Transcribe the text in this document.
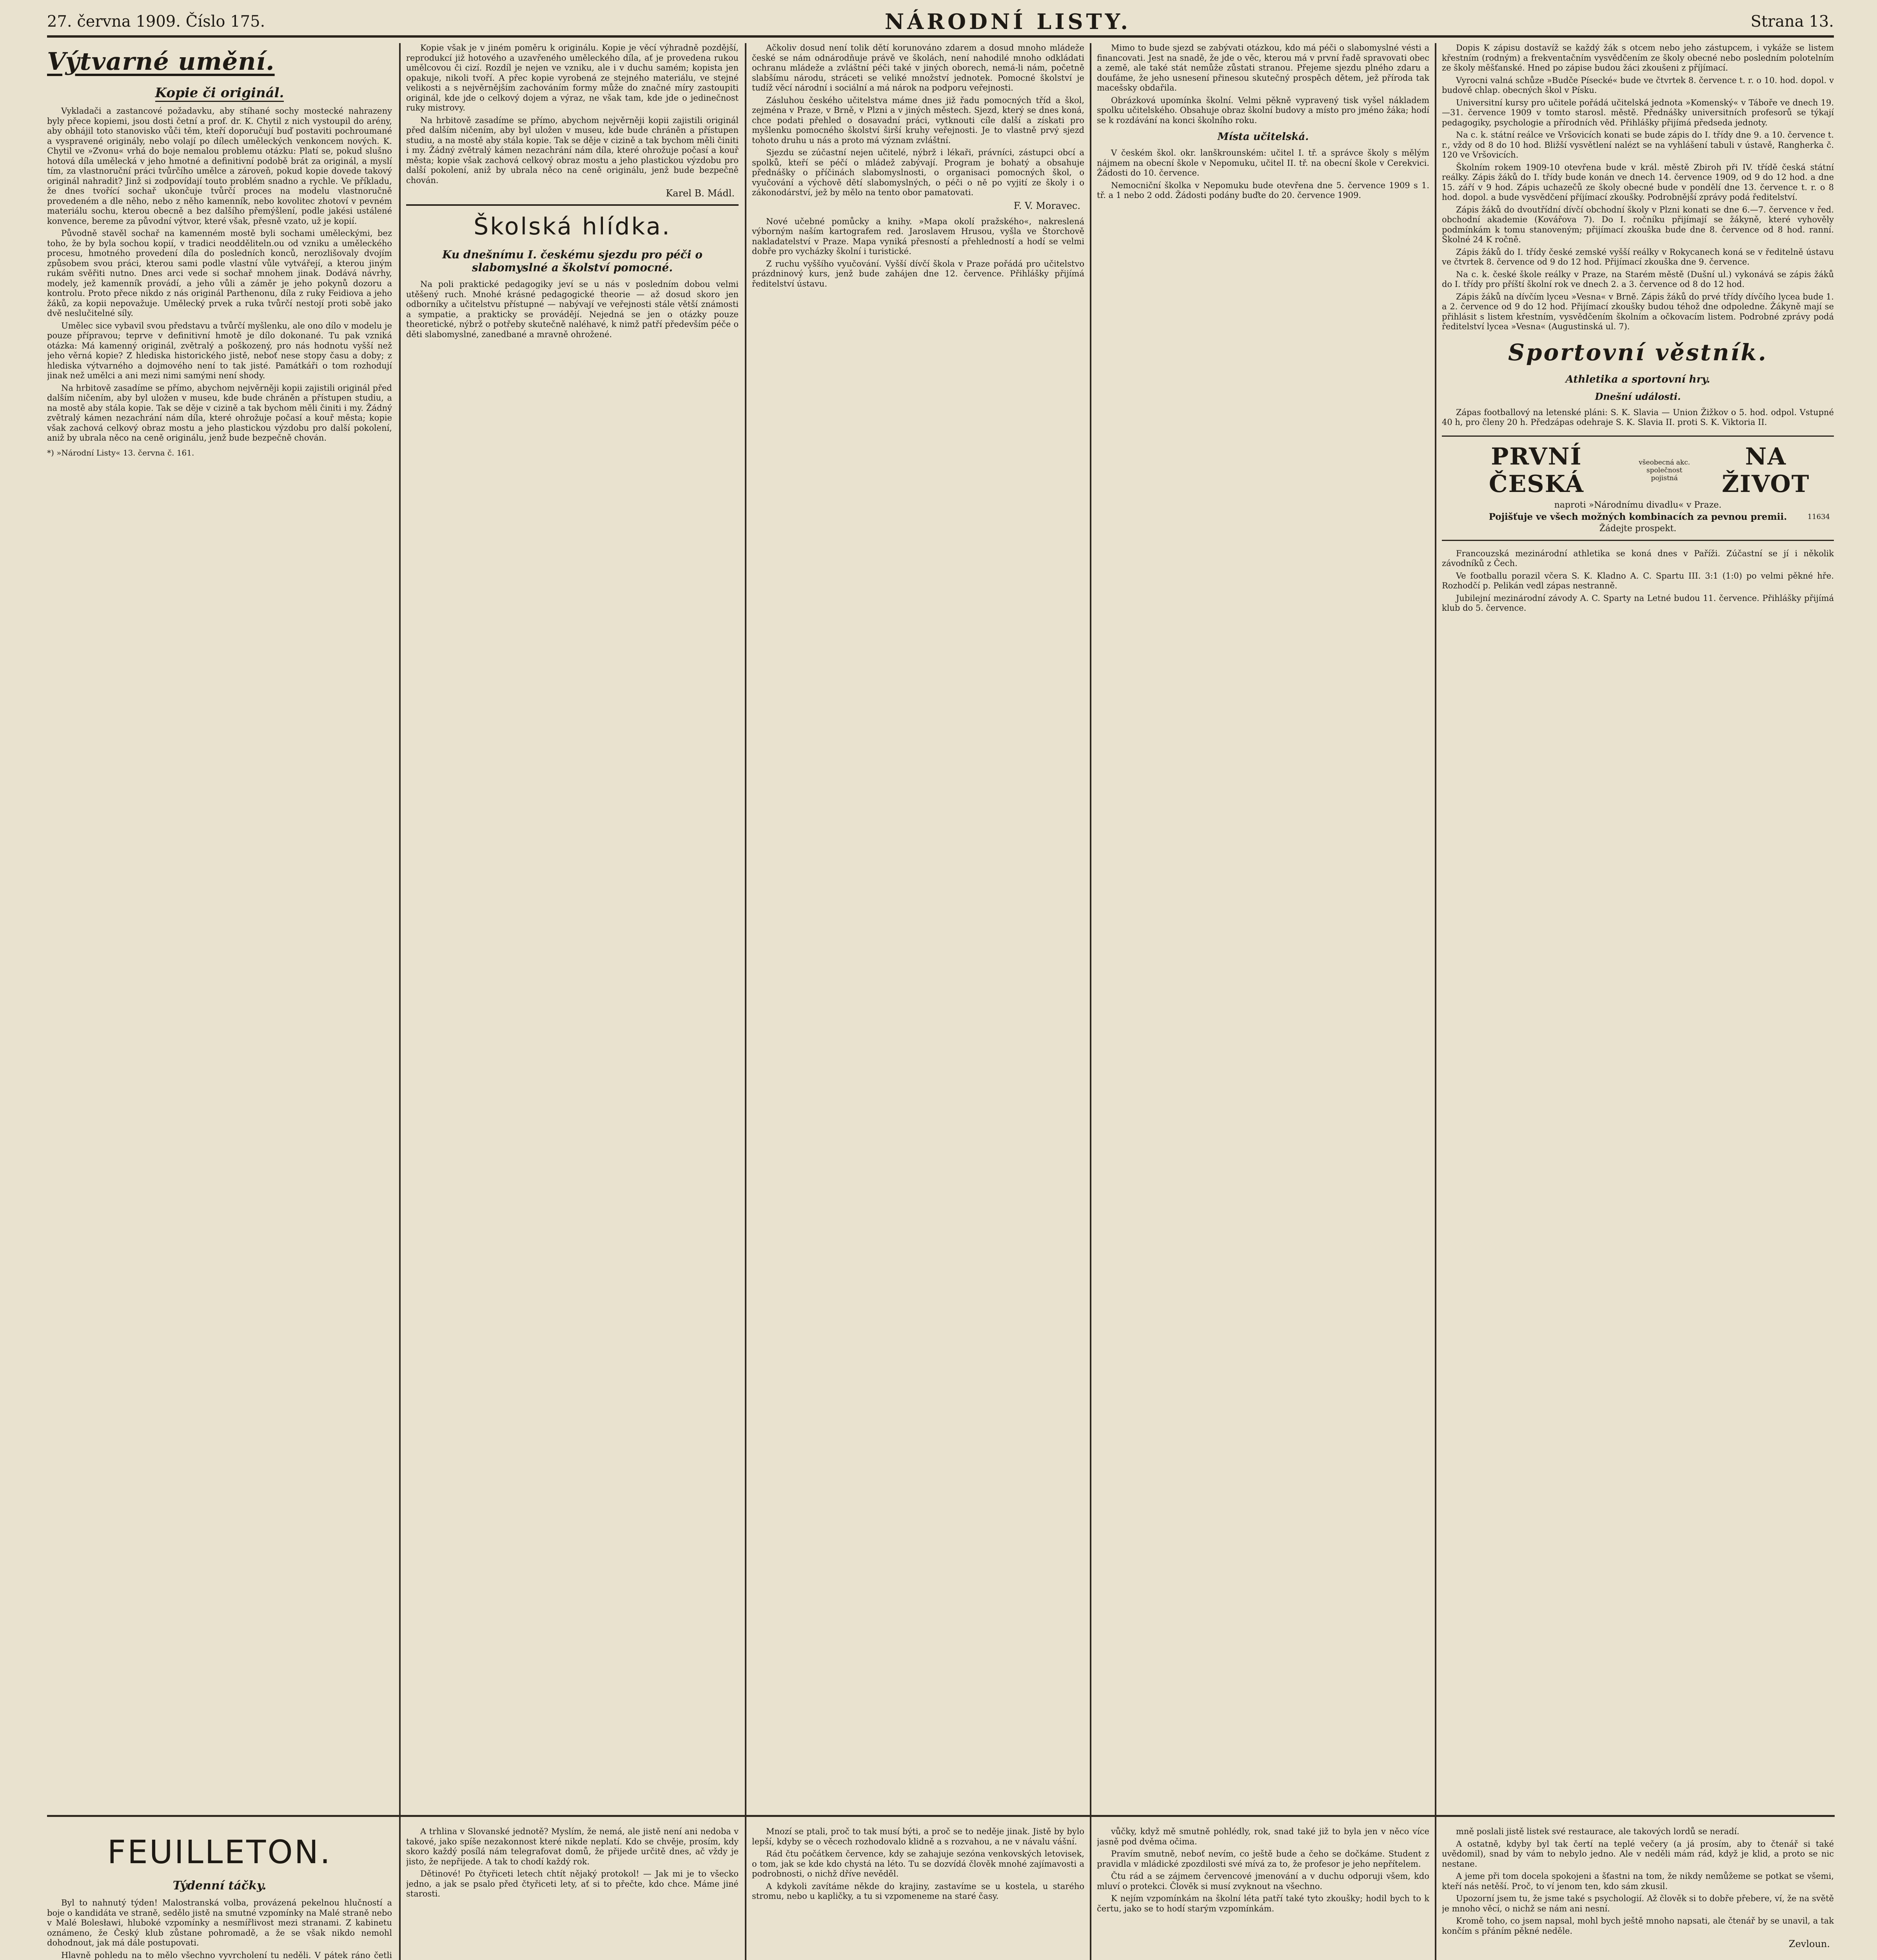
27. června 1909. Číslo 175.	NÁRODNÍ LISTY.	Strana 13.
Výtvarné umění.
Kopie či originál.

Vykladači a zastancové požadavku, aby stíhané sochy mostecké nahrazeny byly přece kopiemi, jsou dosti četní a prof. dr. K. Chytil z nich vystoupil do arény, aby obhájil toto stanovisko vůči těm, kteří doporučují buď postaviti pochroumané a vyspravené originály, nebo volají po dílech uměleckých venkoncem nových. K. Chytil ve »Zvonu« vrhá do boje nemalou problemu otázku: Platí se, pokud slušno hotová díla umělecká v jeho hmotné a definitivní podobě brát za originál, a myslí tím, za vlastnoruční práci tvůrčího umělce a zároveň, pokud kopie dovede takový originál nahradit? Jinž si zodpovídají touto problém snadno a rychle. Ve příkladu, že dnes tvořící sochař ukončuje tvůrčí proces na modelu vlastnoručně provedeném a dle něho, nebo z něho kamenník, nebo kovolitec zhotoví v pevném materiálu sochu, kterou obecně a bez dalšího přemýšlení, podle jakési ustálené konvence, bereme za původní výtvor, které však, přesně vzato, už je kopií.

Původně stavěl sochař na kamenném mostě byli sochami uměleckými, bez toho, že by byla sochou kopií, v tradici neodděliteln.ou od vzniku a uměleckého procesu, hmotného provedení díla do posledních konců, nerozlišovaly dvojím způsobem svou práci, kterou sami podle vlastní vůle vytvářejí, a kterou jiným rukám svěřiti nutno. Dnes arci vede si sochař mnohem jinak. Dodává návrhy, modely, jež kamenník provádí, a jeho vůli a záměr je jeho pokynů dozoru a kontrolu. Proto přece nikdo z nás originál Parthenonu, díla z ruky Feidiova a jeho žáků, za kopii nepovažuje. Umělecký prvek a ruka tvůrčí nestojí proti sobě jako dvě neslučitelné síly.

Umělec sice vybavil svou představu a tvůrčí myšlenku, ale ono dílo v modelu je pouze přípravou; teprve v definitivní hmotě je dílo dokonané. Tu pak vzniká otázka: Má kamenný originál, zvětralý a poškozený, pro nás hodnotu vyšší než jeho věrná kopie? Z hlediska historického jistě, neboť nese stopy času a doby; z hlediska výtvarného a dojmového není to tak jisté. Památkáři o tom rozhodují jinak než umělci a ani mezi nimi samými není shody.

Na hrbitově zasadíme se přímo, abychom nejvěrněji kopii zajistili originál před dalším ničením, aby byl uložen v museu, kde bude chráněn a přístupen studiu, a na mostě aby stála kopie. Tak se děje v cizině a tak bychom měli činiti i my. Žádný zvětralý kámen nezachrání nám díla, které ohrožuje počasí a kouř města; kopie však zachová celkový obraz mostu a jeho plastickou výzdobu pro další pokolení, aniž by ubrala něco na ceně originálu, jenž bude bezpečně chován.

*) »Národní Listy« 13. června č. 161.

Kopie však je v jiném poměru k originálu. Kopie je věcí výhradně pozdější, reprodukcí již hotového a uzavřeného uměleckého díla, ať je provedena rukou umělcovou či cizí. Rozdíl je nejen ve vzniku, ale i v duchu samém; kopista jen opakuje, nikoli tvoří. A přec kopie vyrobená ze stejného materiálu, ve stejné velikosti a s nejvěrnějším zachováním formy může do značné míry zastoupiti originál, kde jde o celkový dojem a výraz, ne však tam, kde jde o jedinečnost ruky mistrovy.

Na hrbitově zasadíme se přímo, abychom nejvěrněji kopii zajistili originál před dalším ničením, aby byl uložen v museu, kde bude chráněn a přístupen studiu, a na mostě aby stála kopie. Tak se děje v cizině a tak bychom měli činiti i my. Žádný zvětralý kámen nezachrání nám díla, které ohrožuje počasí a kouř města; kopie však zachová celkový obraz mostu a jeho plastickou výzdobu pro další pokolení, aniž by ubrala něco na ceně originálu, jenž bude bezpečně chován.

Karel B. Mádl.
Školská hlídka.
Ku dnešnímu I. českému sjezdu pro péči o slabomyslné a školství pomocné.

Na poli praktické pedagogiky jeví se u nás v posledním dobou velmi utěšený ruch. Mnohé krásné pedagogické theorie — až dosud skoro jen odborníky a učitelstvu přístupné — nabývají ve veřejnosti stále větší známosti a sympatie, a prakticky se provádějí. Nejedná se jen o otázky pouze theoretické, nýbrž o potřeby skutečně naléhavé, k nimž patří především péče o děti slabomyslné, zanedbané a mravně ohrožené.

Ačkoliv dosud není tolik dětí korunováno zdarem a dosud mnoho mládeže české se nám odnárodňuje právě ve školách, není nahodilé mnoho odkládati ochranu mládeže a zvláštní péči také v jiných oborech, nemá-li nám, početně slabšímu národu, stráceti se veliké množství jednotek. Pomocné školství je tudíž věcí národní i sociální a má nárok na podporu veřejnosti.

Zásluhou českého učitelstva máme dnes již řadu pomocných tříd a škol, zejména v Praze, v Brně, v Plzni a v jiných městech. Sjezd, který se dnes koná, chce podati přehled o dosavadní práci, vytknouti cíle další a získati pro myšlenku pomocného školství širší kruhy veřejnosti. Je to vlastně prvý sjezd tohoto druhu u nás a proto má význam zvláštní.

Sjezdu se zúčastní nejen učitelé, nýbrž i lékaři, právníci, zástupci obcí a spolků, kteří se péčí o mládež zabývají. Program je bohatý a obsahuje přednášky o příčinách slabomyslnosti, o organisaci pomocných škol, o vyučování a výchově dětí slabomyslných, o péči o ně po vyjití ze školy i o zákonodárství, jež by mělo na tento obor pamatovati.

F. V. Moravec.

Nové učebné pomůcky a knihy. »Mapa okolí pražského«, nakreslená výborným naším kartografem red. Jaroslavem Hrusou, vyšla ve Štorchově nakladatelství v Praze. Mapa vyniká přesností a přehledností a hodí se velmi dobře pro vycházky školní i turistické.

Z ruchu vyššího vyučování. Vyšší dívčí škola v Praze pořádá pro učitelstvo prázdninový kurs, jenž bude zahájen dne 12. července. Přihlášky přijímá ředitelství ústavu.

Mimo to bude sjezd se zabývati otázkou, kdo má péči o slabomyslné vésti a financovati. Jest na snadě, že jde o věc, kterou má v první řadě spravovati obec a země, ale také stát nemůže zůstati stranou. Přejeme sjezdu plného zdaru a doufáme, že jeho usnesení přinesou skutečný prospěch dětem, jež příroda tak macešsky obdařila.

Obrázková upomínka školní. Velmi pěkně vypravený tisk vyšel nákladem spolku učitelského. Obsahuje obraz školní budovy a místo pro jméno žáka; hodí se k rozdávání na konci školního roku.

Místa učitelská.

V českém škol. okr. lanškrounském: učitel I. tř. a správce školy s mělým nájmem na obecní škole v Nepomuku, učitel II. tř. na obecní škole v Cerekvici. Žádosti do 10. července.

Nemocniční školka v Nepomuku bude otevřena dne 5. července 1909 s 1. tř. a 1 nebo 2 odd. Žádosti podány buďte do 20. července 1909.

Dopis K zápisu dostavíž se každý žák s otcem nebo jeho zástupcem, i vykáže se listem křestním (rodným) a frekventačním vysvědčením ze školy obecné nebo posledním polotelním ze školy měšťanské. Hned po zápise budou žáci zkoušeni z příjímací.

Vyrocni valná schůze »Budče Písecké« bude ve čtvrtek 8. července t. r. o 10. hod. dopol. v budově chlap. obecných škol v Písku.

Universitní kursy pro učitele pořádá učitelská jednota »Komenský« v Táboře ve dnech 19.—31. července 1909 v tomto starosl. městě. Přednášky universitních profesorů se týkají pedagogiky, psychologie a přírodních věd. Přihlášky přijímá předseda jednoty.

Na c. k. státní reálce ve Vršovicích konati se bude zápis do I. třídy dne 9. a 10. července t. r., vždy od 8 do 10 hod. Bližší vysvětlení nalézt se na vyhlášení tabuli v ústavě, Rangherka č. 120 ve Vršovicích.

Školním rokem 1909-10 otevřena bude v král. městě Zbiroh při IV. třídě česká státní reálky. Zápis žáků do I. třídy bude konán ve dnech 14. července 1909, od 9 do 12 hod. a dne 15. září v 9 hod. Zápis uchazečů ze školy obecné bude v pondělí dne 13. července t. r. o 8 hod. dopol. a bude vysvědčení příjímací zkoušky. Podrobnější zprávy podá ředitelství.

Zápis žáků do dvoutřídní dívčí obchodní školy v Plzni konati se dne 6.—7. července v řed. obchodní akademie (Kovářova 7). Do I. ročníku přijímají se žákyně, které vyhověly podmínkám k tomu stanoveným; přijímací zkouška bude dne 8. července od 8 hod. ranní. Školné 24 K ročně.

Zápis žáků do I. třídy české zemské vyšší reálky v Rokycanech koná se v ředitelně ústavu ve čtvrtek 8. července od 9 do 12 hod. Přijímací zkouška dne 9. července.

Na c. k. české škole reálky v Praze, na Starém městě (Dušní ul.) vykonává se zápis žáků do I. třídy pro příští školní rok ve dnech 2. a 3. července od 8 do 12 hod.

Zápis žáků na dívčím lyceu »Vesna« v Brně. Zápis žáků do prvé třídy dívčího lycea bude 1. a 2. července od 9 do 12 hod. Přijímací zkoušky budou téhož dne odpoledne. Žákyně mají se přihlásit s listem křestním, vysvědčením školním a očkovacím listem. Podrobné zprávy podá ředitelství lycea »Vesna« (Augustinská ul. 7).

Sportovní věstník.
Athletika a sportovní hry.
Dnešní události.

Zápas footballový na letenské pláni: S. K. Slavia — Union Žižkov o 5. hod. odpol. Vstupné 40 h, pro členy 20 h. Předzápas odehraje S. K. Slavia II. proti S. K. Viktoria II.

PRVNÍ ČESKÁ
všeobecná akc. společnost pojistná
NA ŽIVOT
naproti »Národnímu divadlu« v Praze.
Pojišťuje ve všech možných kombinacích za pevnou premii.	11634
Žádejte prospekt.

Francouzská mezinárodní athletika se koná dnes v Paříži. Zúčastní se jí i několik závodníků z Čech.

Ve footballu porazil včera S. K. Kladno A. C. Spartu III. 3:1 (1:0) po velmi pěkné hře. Rozhodčí p. Pelikán vedl zápas nestranně.

Jubilejní mezinárodní závody A. C. Sparty na Letné budou 11. července. Přihlášky přijímá klub do 5. července.

FEUILLETON.
Týdenní táčky.

Byl to nahnutý týden! Malostranská volba, provázená pekelnou hlučností a boje o kandidáta ve straně, sedělo jistě na smutné vzpomínky na Malé straně nebo v Malé Bolesławi, hluboké vzpomínky a nesmířlivost mezi stranami. Z kabinetu oznámeno, že Český klub zůstane pohromadě, a že se však nikdo nemohl dohodnout, jak má dále postupovati.

Hlavně pohledu na to mělo všechno vyvrcholení tu neděli. V pátek ráno četli

A trhlina v Slovanské jednotě? Myslím, že nemá, ale jistě není ani nedoba v takové, jako spíše nezakonnost které nikde neplatí. Kdo se chvěje, prosím, kdy skoro každý posílá nám telegrafovat domů, že přijede určitě dnes, ač vždy je jisto, že nepřijede. A tak to chodí každý rok.

Dětinové! Po čtyřiceti letech chtít nějaký protokol! — Jak mi je to všecko jedno, a jak se psalo před čtyřiceti lety, ať si to přečte, kdo chce. Máme jiné starosti.

Mnozí se ptali, proč to tak musí býti, a proč se to neděje jinak. Jistě by bylo lepší, kdyby se o věcech rozhodovalo klidně a s rozvahou, a ne v návalu vášní.

Rád čtu počátkem července, kdy se zahajuje sezóna venkovských letovisek, o tom, jak se kde kdo chystá na léto. Tu se dozvídá člověk mnohé zajímavosti a podrobnosti, o nichž dříve nevěděl.

A kdykoli zavítáme někde do krajiny, zastavíme se u kostela, u starého stromu, nebo u kapličky, a tu si vzpomeneme na staré časy.

vůčky, když mě smutně pohlédly, rok, snad také již to byla jen v něco více jasně pod dvěma očima.

Pravím smutně, neboť nevím, co ještě bude a čeho se dočkáme. Student z pravidla v mládické zpozdilosti své mívá za to, že profesor je jeho nepřítelem.

Čtu rád a se zájmem červencové jmenování a v duchu odporuji všem, kdo mluví o protekci. Člověk si musí zvyknout na všechno.

K nejím vzpomínkám na školní léta patří také tyto zkoušky; hodil bych to k čertu, jako se to hodí starým vzpomínkám.

mně poslali jistě listek své restaurace, ale takových lordů se neradí.

A ostatně, kdyby byl tak čertí na teplé večery (a já prosím, aby to čtenář si také uvědomil), snad by vám to nebylo jedno. Ale v neděli mám rád, když je klid, a proto se nic nestane.

A jeme při tom docela spokojeni a šťastni na tom, že nikdy nemůžeme se potkat se všemi, kteří nás netěší. Proč, to ví jenom ten, kdo sám zkusil.

Upozorní jsem tu, že jsme také s psychologií. Až člověk si to dobře přebere, ví, že na světě je mnoho věcí, o nichž se nám ani nesní.

Kromě toho, co jsem napsal, mohl bych ještě mnoho napsati, ale čtenář by se unavil, a tak končím s přáním pěkné neděle.

Zevloun.
